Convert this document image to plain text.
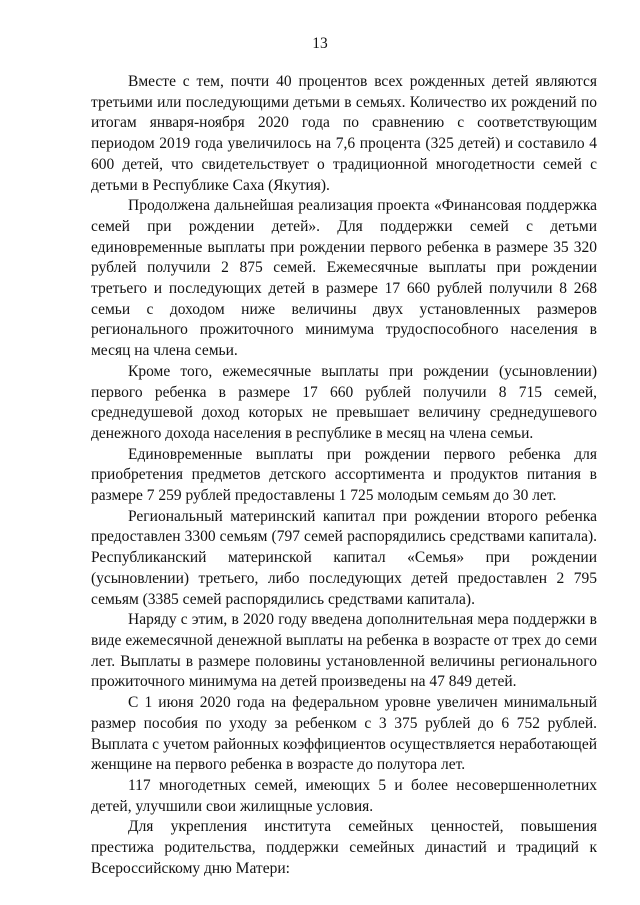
13

Вместе с тем, почти 40 процентов всех рожденных детей являются третьими или последующими детьми в семьях. Количество их рождений по итогам января-ноября 2020 года по сравнению с соответствующим периодом 2019 года увеличилось на 7,6 процента (325 детей) и составило 4 600 детей, что свидетельствует о традиционной многодетности семей с детьми в Республике Саха (Якутия).

Продолжена дальнейшая реализация проекта «Финансовая поддержка семей при рождении детей». Для поддержки семей с детьми единовременные выплаты при рождении первого ребенка в размере 35 320 рублей получили 2 875 семей. Ежемесячные выплаты при рождении третьего и последующих детей в размере 17 660 рублей получили 8 268 семьи с доходом ниже величины двух установленных размеров регионального прожиточного минимума трудоспособного населения в месяц на члена семьи.

Кроме того, ежемесячные выплаты при рождении (усыновлении) первого ребенка в размере 17 660 рублей получили 8 715 семей, среднедушевой доход которых не превышает величину среднедушевого денежного дохода населения в республике в месяц на члена семьи.

Единовременные выплаты при рождении первого ребенка для приобретения предметов детского ассортимента и продуктов питания в размере 7 259 рублей предоставлены 1 725 молодым семьям до 30 лет.

Региональный материнский капитал при рождении второго ребенка предоставлен 3300 семьям (797 семей распорядились средствами капитала). Республиканский материнской капитал «Семья» при рождении (усыновлении) третьего, либо последующих детей предоставлен 2 795 семьям (3385 семей распорядились средствами капитала).

Наряду с этим, в 2020 году введена дополнительная мера поддержки в виде ежемесячной денежной выплаты на ребенка в возрасте от трех до семи лет. Выплаты в размере половины установленной величины регионального прожиточного минимума на детей произведены на 47 849 детей.

С 1 июня 2020 года на федеральном уровне увеличен минимальный размер пособия по уходу за ребенком с 3 375 рублей до 6 752 рублей. Выплата с учетом районных коэффициентов осуществляется неработающей женщине на первого ребенка в возрасте до полутора лет.

117 многодетных семей, имеющих 5 и более несовершеннолетних детей, улучшили свои жилищные условия.

Для укрепления института семейных ценностей, повышения престижа родительства, поддержки семейных династий и традиций к Всероссийскому дню Матери:
